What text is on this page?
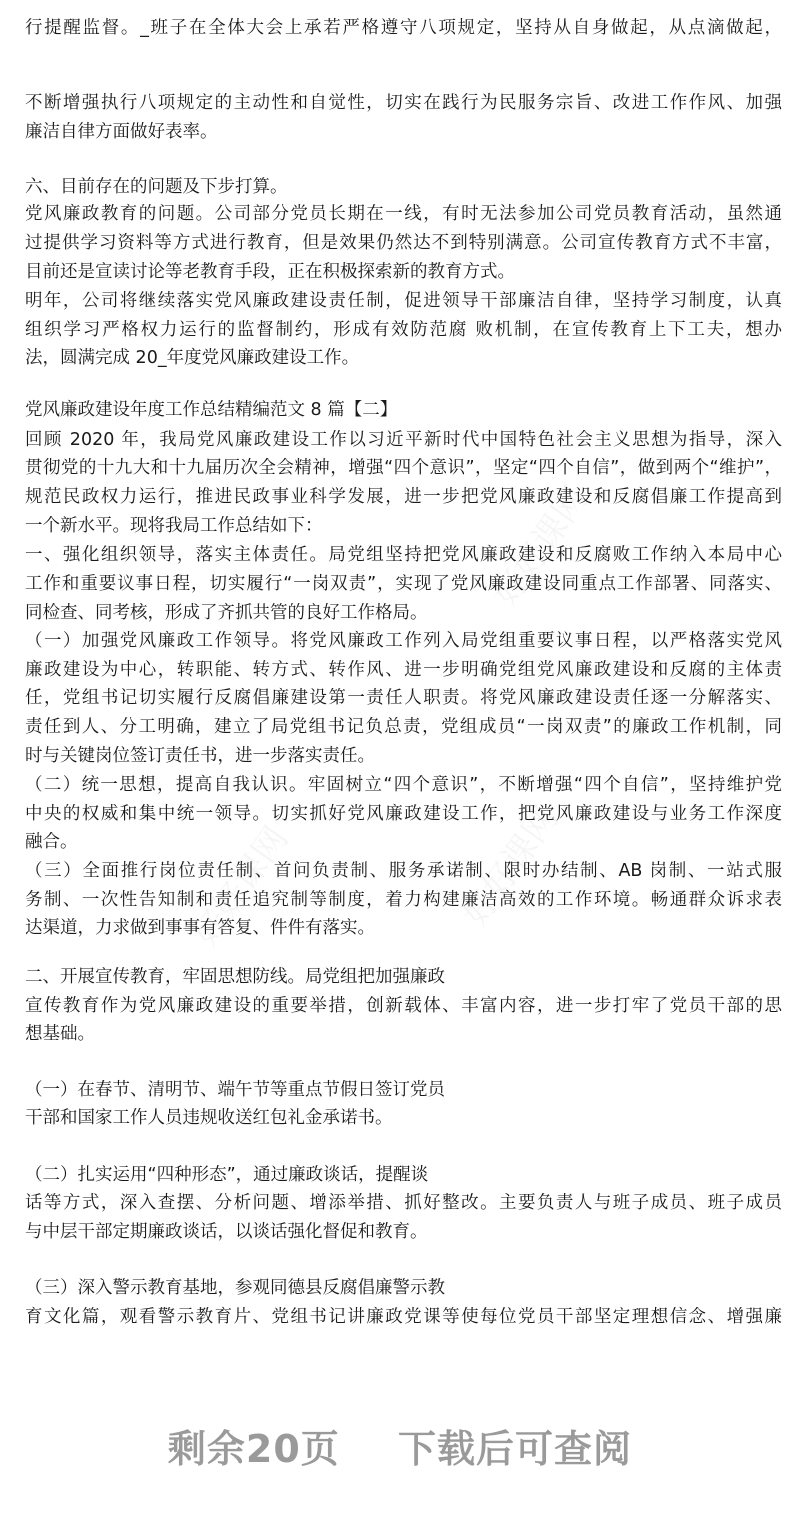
行提醒监督。_班子在全体大会上承若严格遵守八项规定，坚持从自身做起，从点滴做起，
不断增强执行八项规定的主动性和自觉性，切实在践行为民服务宗旨、改进工作作风、加强
廉洁自律方面做好表率。
六、目前存在的问题及下步打算。
党风廉政教育的问题。公司部分党员长期在一线，有时无法参加公司党员教育活动，虽然通
过提供学习资料等方式进行教育，但是效果仍然达不到特别满意。公司宣传教育方式不丰富，
目前还是宣读讨论等老教育手段，正在积极探索新的教育方式。
明年，公司将继续落实党风廉政建设责任制，促进领导干部廉洁自律，坚持学习制度，认真
组织学习严格权力运行的监督制约，形成有效防范腐 败机制，在宣传教育上下工夫，想办
法，圆满完成 20_年度党风廉政建设工作。
党风廉政建设年度工作总结精编范文 8 篇【二】
回顾 2020 年，我局党风廉政建设工作以习近平新时代中国特色社会主义思想为指导，深入
贯彻党的十九大和十九届历次全会精神，增强“四个意识”，坚定“四个自信”，做到两个“维护”，
规范民政权力运行，推进民政事业科学发展，进一步把党风廉政建设和反腐倡廉工作提高到
一个新水平。现将我局工作总结如下：
一、强化组织领导，落实主体责任。局党组坚持把党风廉政建设和反腐败工作纳入本局中心
工作和重要议事日程，切实履行“一岗双责”，实现了党风廉政建设同重点工作部署、同落实、
同检查、同考核，形成了齐抓共管的良好工作格局。
（一）加强党风廉政工作领导。将党风廉政工作列入局党组重要议事日程，以严格落实党风
廉政建设为中心，转职能、转方式、转作风、进一步明确党组党风廉政建设和反腐的主体责
任，党组书记切实履行反腐倡廉建设第一责任人职责。将党风廉政建设责任逐一分解落实、
责任到人、分工明确，建立了局党组书记负总责，党组成员“一岗双责”的廉政工作机制，同
时与关键岗位签订责任书，进一步落实责任。
（二）统一思想，提高自我认识。牢固树立“四个意识”，不断增强“四个自信”，坚持维护党
中央的权威和集中统一领导。切实抓好党风廉政建设工作，把党风廉政建设与业务工作深度
融合。
（三）全面推行岗位责任制、首问负责制、服务承诺制、限时办结制、AB 岗制、一站式服
务制、一次性告知制和责任追究制等制度，着力构建廉洁高效的工作环境。畅通群众诉求表
达渠道，力求做到事事有答复、件件有落实。
二、开展宣传教育，牢固思想防线。局党组把加强廉政
宣传教育作为党风廉政建设的重要举措，创新载体、丰富内容，进一步打牢了党员干部的思
想基础。
（一）在春节、清明节、端午节等重点节假日签订党员
干部和国家工作人员违规收送红包礼金承诺书。
（二）扎实运用“四种形态”，通过廉政谈话，提醒谈
话等方式，深入查摆、分析问题、增添举措、抓好整改。主要负责人与班子成员、班子成员
与中层干部定期廉政谈话，以谈话强化督促和教育。
（三）深入警示教育基地，参观同德县反腐倡廉警示教
育文化篇，观看警示教育片、党组书记讲廉政党课等使每位党员干部坚定理想信念、增强廉
剩余20页 下载后可查阅
